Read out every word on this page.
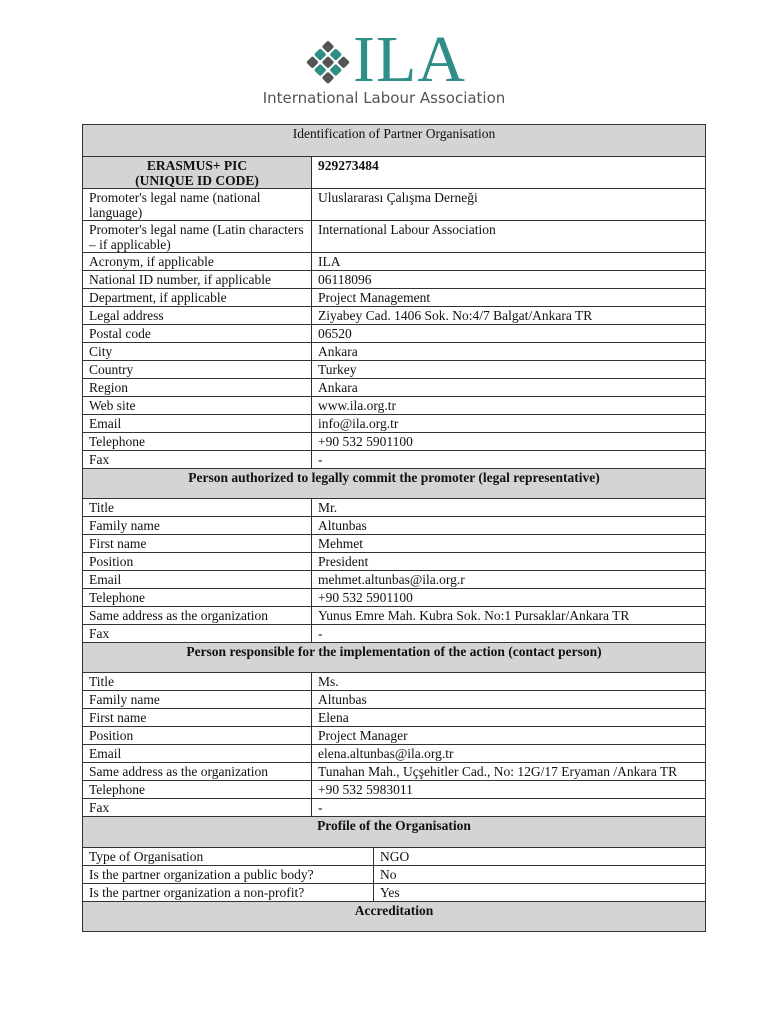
ILA
International Labour Association
Identification of Partner Organisation		

ERASMUS+ PIC
(UNIQUE ID CODE)	929273484	
Promoter's legal name (national language)	Uluslararası Çalışma Derneği	
Promoter's legal name (Latin characters – if applicable)	International Labour Association	
Acronym, if applicable	ILA	
National ID number, if applicable	06118096	
Department, if applicable	Project Management	
Legal address	Ziyabey Cad. 1406 Sok. No:4/7 Balgat/Ankara TR	
Postal code	06520	
City	Ankara	
Country	Turkey	
Region	Ankara	
Web site	www.ila.org.tr	
Email	info@ila.org.tr	
Telephone	+90 532 5901100	
Fax	-	
Person authorized to legally commit the promoter (legal representative)		
Title	Mr.	
Family name	Altunbas	
First name	Mehmet	
Position	President	
Email	mehmet.altunbas@ila.org.r	
Telephone	+90 532 5901100	
Same address as the organization	Yunus Emre Mah. Kubra Sok. No:1 Pursaklar/Ankara TR	
Fax	-	
Person responsible for the implementation of the action (contact person)		
Title	Ms.	
Family name	Altunbas	
First name	Elena	
Position	Project Manager	
Email	elena.altunbas@ila.org.tr	
Same address as the organization	Tunahan Mah., Uçşehitler Cad., No: 12G/17 Eryaman /Ankara TR	
Telephone	+90 532 5983011	
Fax	-	
Profile of the Organisation		
Type of Organisation		NGO
Is the partner organization a public body?		No
Is the partner organization a non-profit?		Yes
Accreditation		
